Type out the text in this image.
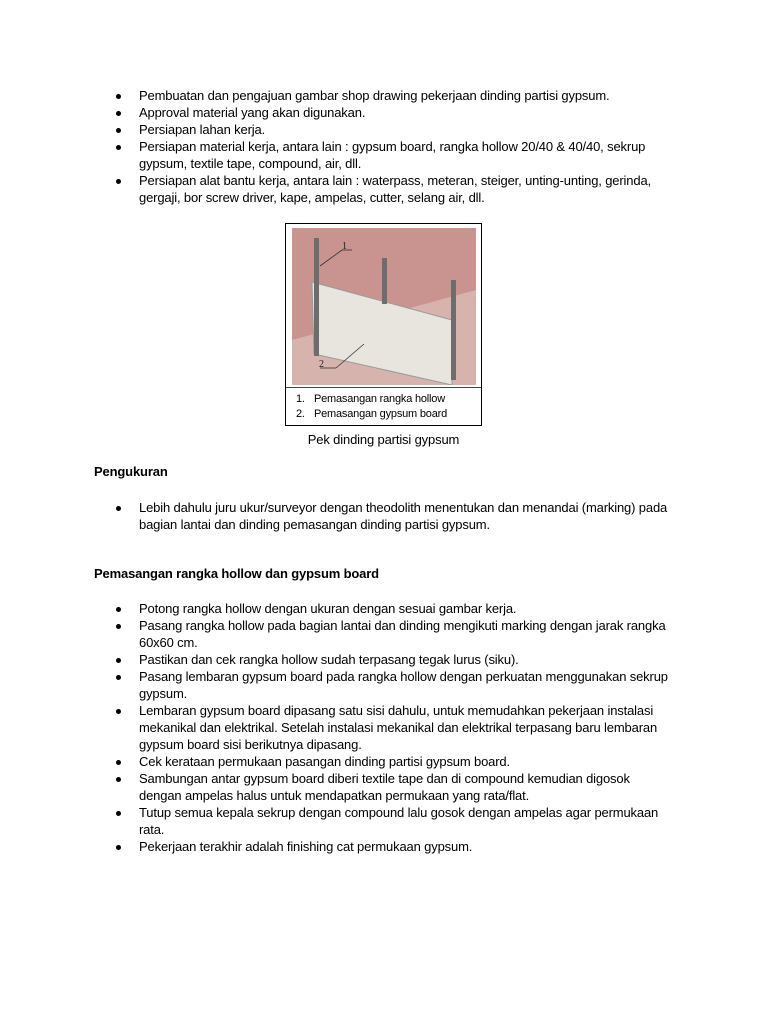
Pembuatan dan pengajuan gambar shop drawing pekerjaan dinding partisi gypsum.
Approval material yang akan digunakan.
Persiapan lahan kerja.
Persiapan material kerja, antara lain : gypsum board, rangka hollow 20/40 & 40/40, sekrup gypsum, textile tape, compound, air, dll.
Persiapan alat bantu kerja, antara lain : waterpass, meteran, steiger, unting-unting, gerinda, gergaji, bor screw driver, kape, ampelas, cutter, selang air, dll.
1
2
1. Pemasangan rangka hollow
2. Pemasangan gypsum board
Pek dinding partisi gypsum
Pengukuran
Lebih dahulu juru ukur/surveyor dengan theodolith menentukan dan menandai (marking) pada bagian lantai dan dinding pemasangan dinding partisi gypsum.
Pemasangan rangka hollow dan gypsum board
Potong rangka hollow dengan ukuran dengan sesuai gambar kerja.
Pasang rangka hollow pada bagian lantai dan dinding mengikuti marking dengan jarak rangka 60x60 cm.
Pastikan dan cek rangka hollow sudah terpasang tegak lurus (siku).
Pasang lembaran gypsum board pada rangka hollow dengan perkuatan menggunakan sekrup gypsum.
Lembaran gypsum board dipasang satu sisi dahulu, untuk memudahkan pekerjaan instalasi mekanikal dan elektrikal. Setelah instalasi mekanikal dan elektrikal terpasang baru lembaran gypsum board sisi berikutnya dipasang.
Cek kerataan permukaan pasangan dinding partisi gypsum board.
Sambungan antar gypsum board diberi textile tape dan di compound kemudian digosok dengan ampelas halus untuk mendapatkan permukaan yang rata/flat.
Tutup semua kepala sekrup dengan compound lalu gosok dengan ampelas agar permukaan rata.
Pekerjaan terakhir adalah finishing cat permukaan gypsum.
